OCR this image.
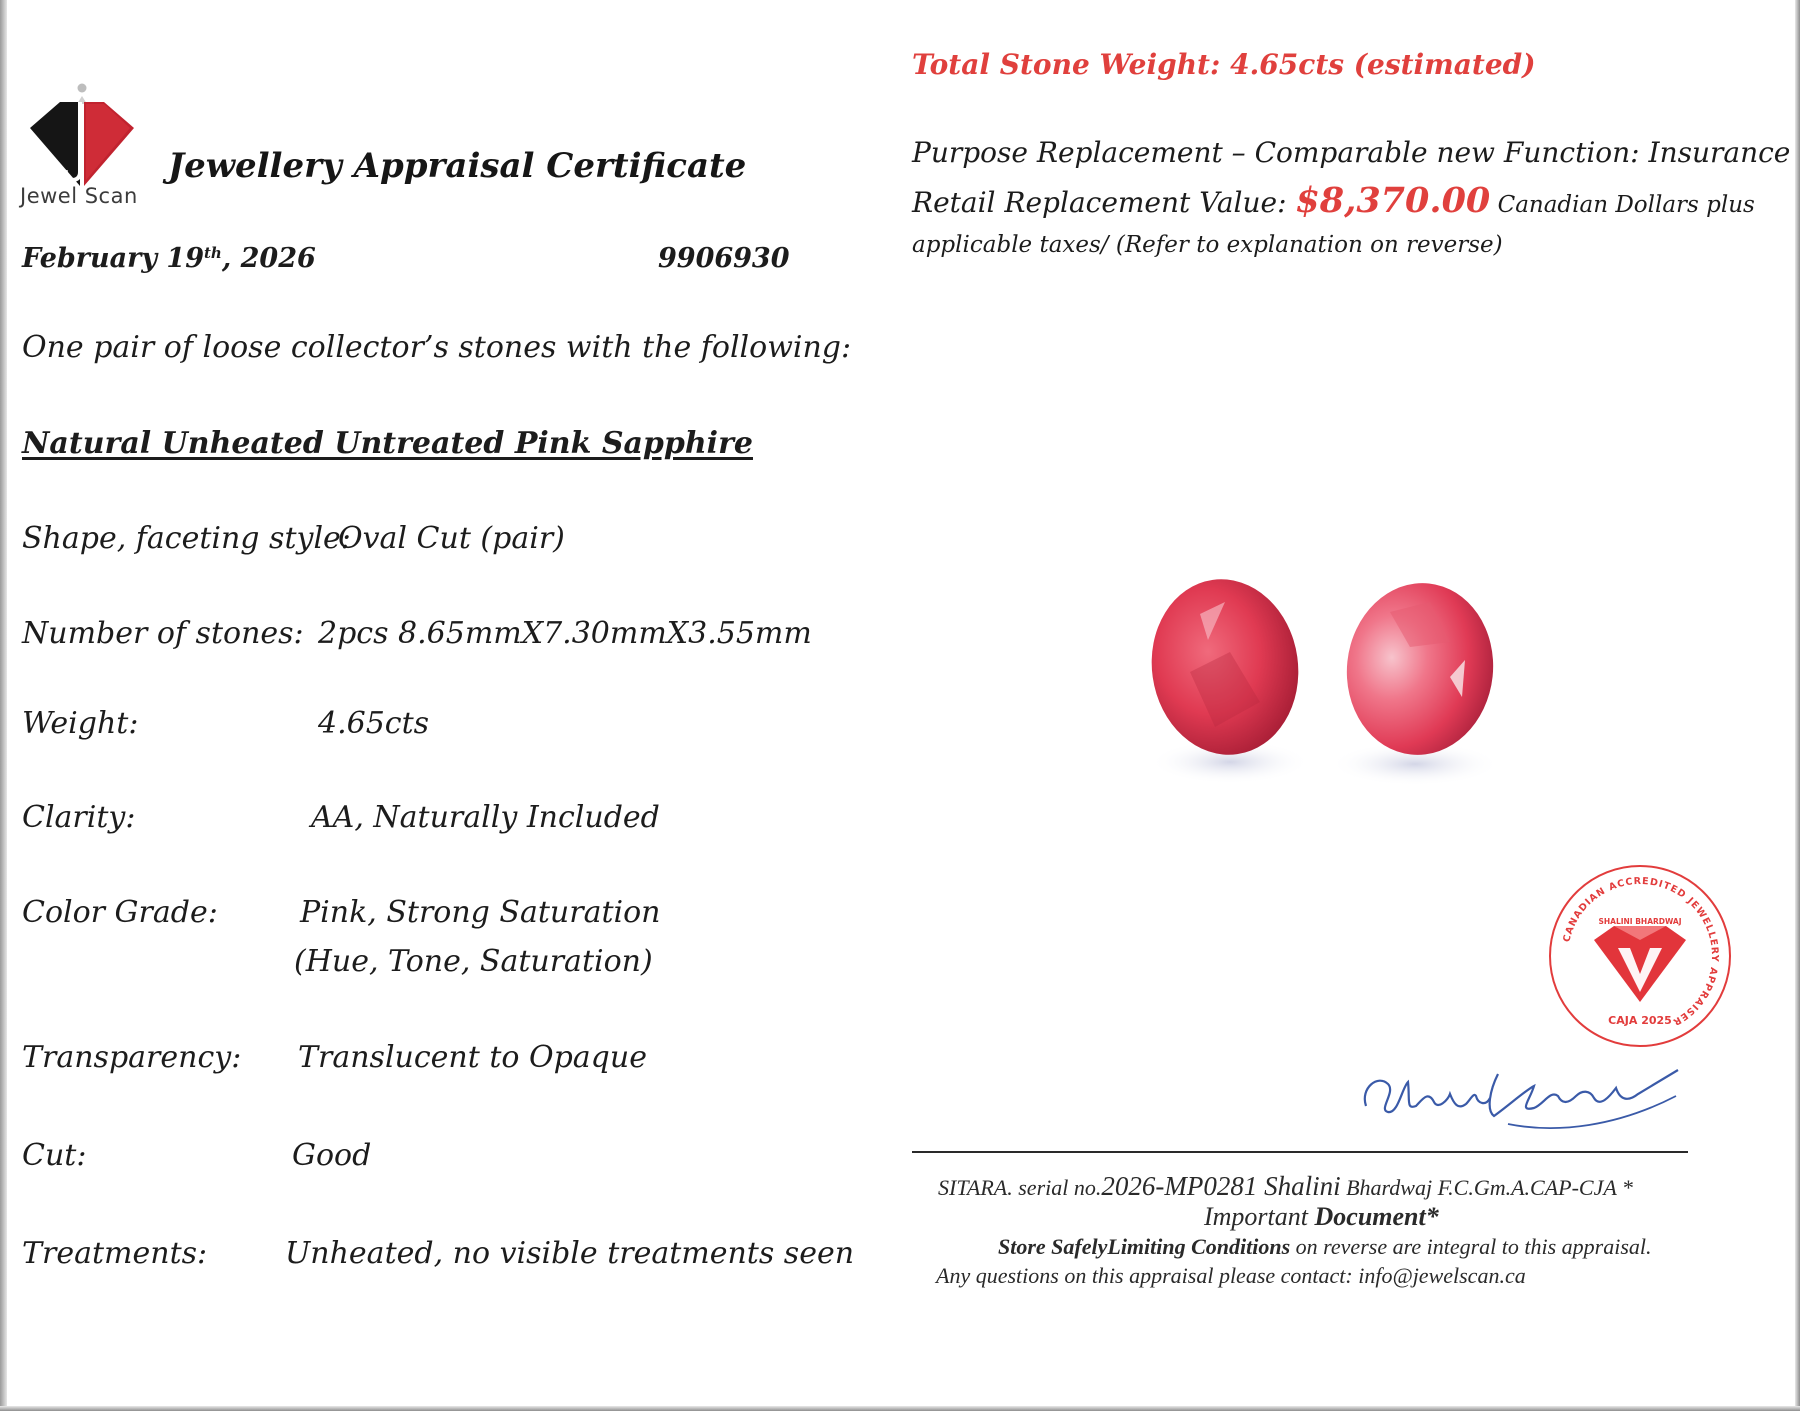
Jewel Scan
Jewellery Appraisal Certificate
February 19th, 2026	9906930
One pair of loose collector’s stones with the following:
Natural Unheated Untreated Pink Sapphire
Shape, faceting style:
Oval Cut (pair)
Number of stones: 2pcs 8.65mmX7.30mmX3.55mm
Weight:	4.65cts
Clarity:	AA, Naturally Included
Color Grade:	Pink, Strong Saturation
(Hue, Tone, Saturation)
Transparency: Translucent to Opaque
Cut:	Good
Treatments:	Unheated, no visible treatments seen
Total Stone Weight: 4.65cts (estimated)
Purpose Replacement – Comparable new Function: Insurance
Retail Replacement Value: $8,370.00 Canadian Dollars plus
applicable taxes/ (Refer to explanation on reverse)
CANADIAN ACCREDITED JEWELLERY APPRAISER
SHALINI BHARDWAJ
CAJA 2025
SITARA. serial no.2026-MP0281 Shalini Bhardwaj F.C.Gm.A.CAP-CJA *
Important Document*
Store SafelyLimiting Conditions on reverse are integral to this appraisal.
Any questions on this appraisal please contact: info@jewelscan.ca
